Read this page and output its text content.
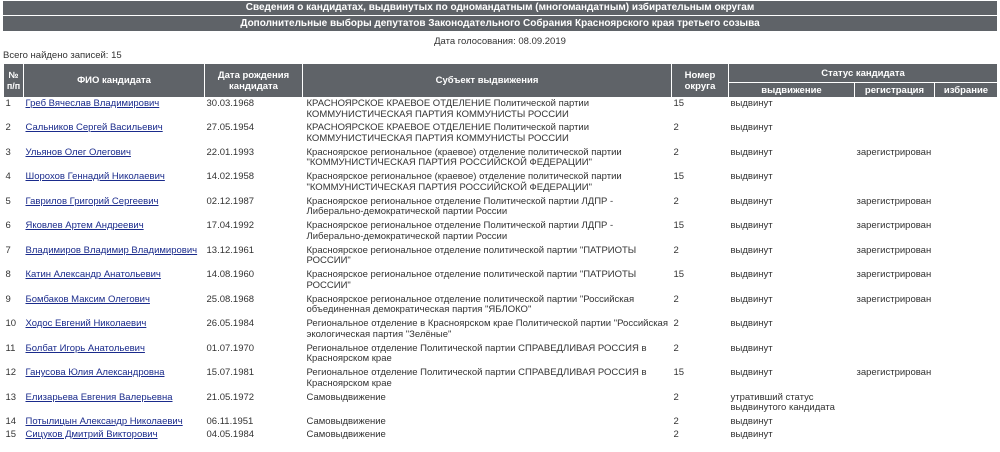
Сведения о кандидатах, выдвинутых по одномандатным (многомандатным) избирательным округам
Дополнительные выборы депутатов Законодательного Собрания Красноярского края третьего созыва
Дата голосования: 08.09.2019
Всего найдено записей: 15
№ п/п	ФИО кандидата	Дата рождения кандидата	Субъект выдвижения	Номер округа	Статус кандидата		
					выдвижение	регистрация	избрание
1	Греб Вячеслав Владимирович	30.03.1968	КРАСНОЯРСКОЕ КРАЕВОЕ ОТДЕЛЕНИЕ Политической партии КОММУНИСТИЧЕСКАЯ ПАРТИЯ КОММУНИСТЫ РОССИИ	15	выдвинут		
2	Сальников Сергей Васильевич	27.05.1954	КРАСНОЯРСКОЕ КРАЕВОЕ ОТДЕЛЕНИЕ Политической партии КОММУНИСТИЧЕСКАЯ ПАРТИЯ КОММУНИСТЫ РОССИИ	2	выдвинут		
3	Ульянов Олег Олегович	22.01.1993	Красноярское региональное (краевое) отделение политической партии "КОММУНИСТИЧЕСКАЯ ПАРТИЯ РОССИЙСКОЙ ФЕДЕРАЦИИ"	2	выдвинут	зарегистрирован	
4	Шорохов Геннадий Николаевич	14.02.1958	Красноярское региональное (краевое) отделение политической партии "КОММУНИСТИЧЕСКАЯ ПАРТИЯ РОССИЙСКОЙ ФЕДЕРАЦИИ"	15	выдвинут		
5	Гаврилов Григорий Сергеевич	02.12.1987	Красноярское региональное отделение Политической партии ЛДПР - Либерально-демократической партии России	2	выдвинут	зарегистрирован	
6	Яковлев Артем Андреевич	17.04.1992	Красноярское региональное отделение Политической партии ЛДПР - Либерально-демократической партии России	15	выдвинут	зарегистрирован	
7	Владимиров Владимир Владимирович	13.12.1961	Красноярское региональное отделение политической партии "ПАТРИОТЫ РОССИИ"	2	выдвинут	зарегистрирован	
8	Катин Александр Анатольевич	14.08.1960	Красноярское региональное отделение политической партии "ПАТРИОТЫ РОССИИ"	15	выдвинут	зарегистрирован	
9	Бомбаков Максим Олегович	25.08.1968	Красноярское региональное отделение политической партии "Российская объединенная демократическая партия "ЯБЛОКО"	2	выдвинут	зарегистрирован	
10	Ходос Евгений Николаевич	26.05.1984	Региональное отделение в Красноярском крае Политической партии "Российская экологическая партия "Зелёные"	2	выдвинут		
11	Болбат Игорь Анатольевич	01.07.1970	Региональное отделение Политической партии СПРАВЕДЛИВАЯ РОССИЯ в Красноярском крае	2	выдвинут		
12	Ганусова Юлия Александровна	15.07.1981	Региональное отделение Политической партии СПРАВЕДЛИВАЯ РОССИЯ в Красноярском крае	15	выдвинут	зарегистрирован	
13	Елизарьева Евгения Валерьевна	21.05.1972	Самовыдвижение	2	утративший статус выдвинутого кандидата		
14	Потылицын Александр Николаевич	06.11.1951	Самовыдвижение	2	выдвинут		
15	Сицуков Дмитрий Викторович	04.05.1984	Самовыдвижение	2	выдвинут		
